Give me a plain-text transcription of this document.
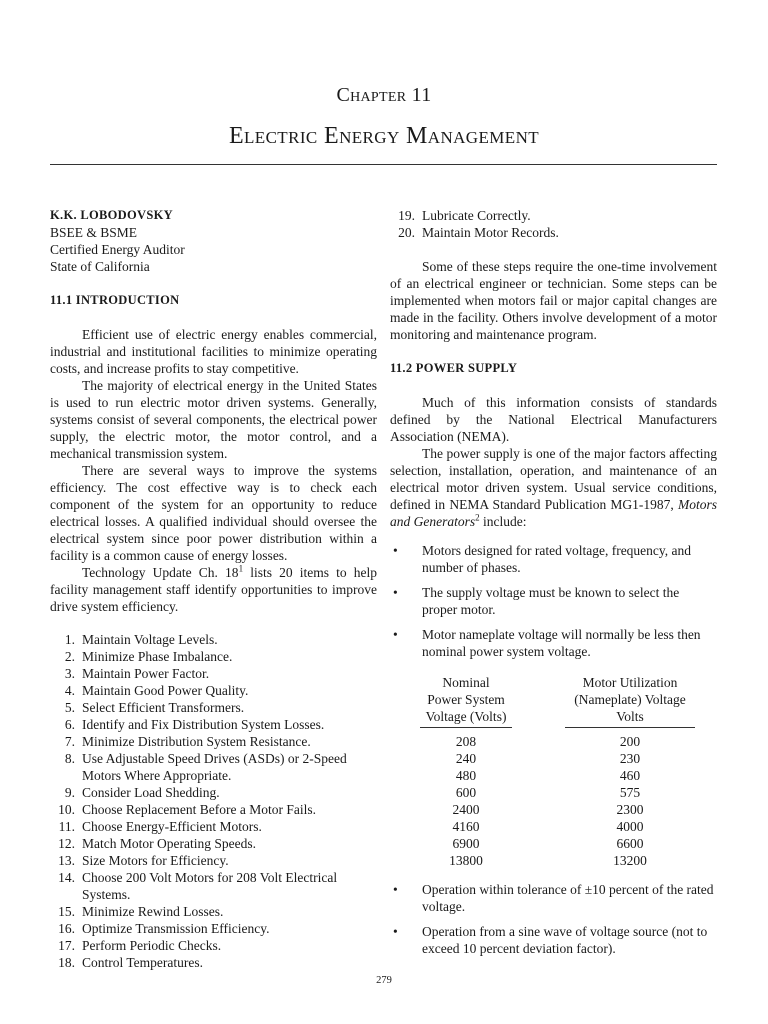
Chapter 11
Electric Energy Management
K.K. LOBODOVSKY
BSEE & BSME
Certified Energy Auditor
State of California
11.1 INTRODUCTION

Efficient use of electric energy enables commercial, industrial and institutional facilities to minimize operating costs, and increase profits to stay competitive.

The majority of electrical energy in the United States is used to run electric motor driven systems. Generally, systems consist of several components, the electrical power supply, the electric motor, the motor control, and a mechanical transmission system.

There are several ways to improve the systems efficiency. The cost effective way is to check each component of the system for an opportunity to reduce electrical losses. A qualified individual should oversee the electrical system since poor power distribution within a facility is a common cause of energy losses.

Technology Update Ch. $18^1$ lists 20 items to help facility management staff identify opportunities to improve drive system efficiency.

1. Maintain Voltage Levels.
2. Minimize Phase Imbalance.
3. Maintain Power Factor.
4. Maintain Good Power Quality.
5. Select Efficient Transformers.
6. Identify and Fix Distribution System Losses.
7. Minimize Distribution System Resistance.
8. Use Adjustable Speed Drives (ASDs) or 2-Speed Motors Where Appropriate.
9. Consider Load Shedding.
10. Choose Replacement Before a Motor Fails.
11. Choose Energy-Efficient Motors.
12. Match Motor Operating Speeds.
13. Size Motors for Efficiency.
14. Choose 200 Volt Motors for 208 Volt Electrical Systems.
15. Minimize Rewind Losses.
16. Optimize Transmission Efficiency.
17. Perform Periodic Checks.
18. Control Temperatures.
19. Lubricate Correctly.
20. Maintain Motor Records.

Some of these steps require the one-time involvement of an electrical engineer or technician. Some steps can be implemented when motors fail or major capital changes are made in the facility. Others involve development of a motor monitoring and maintenance program.

11.2 POWER SUPPLY

Much of this information consists of standards defined by the National Electrical Manufacturers Association (NEMA).

The power supply is one of the major factors affecting selection, installation, operation, and maintenance of an electrical motor driven system. Usual service conditions, defined in NEMA Standard Publication MG1-1987, Motors and Generators$^2$ include:

• Motors designed for rated voltage, frequency, and number of phases.
• The supply voltage must be known to select the proper motor.
• Motor nameplate voltage will normally be less then nominal power system voltage.
Nominal
Power System
Voltage (Volts)
208
240
480
600
2400
4160
6900
13800
Motor Utilization
(Nameplate) Voltage
Volts
200
230
460
575
2300
4000
6600
13200
• Operation within tolerance of ±10 percent of the rated voltage.
• Operation from a sine wave of voltage source (not to exceed 10 percent deviation factor).
279
